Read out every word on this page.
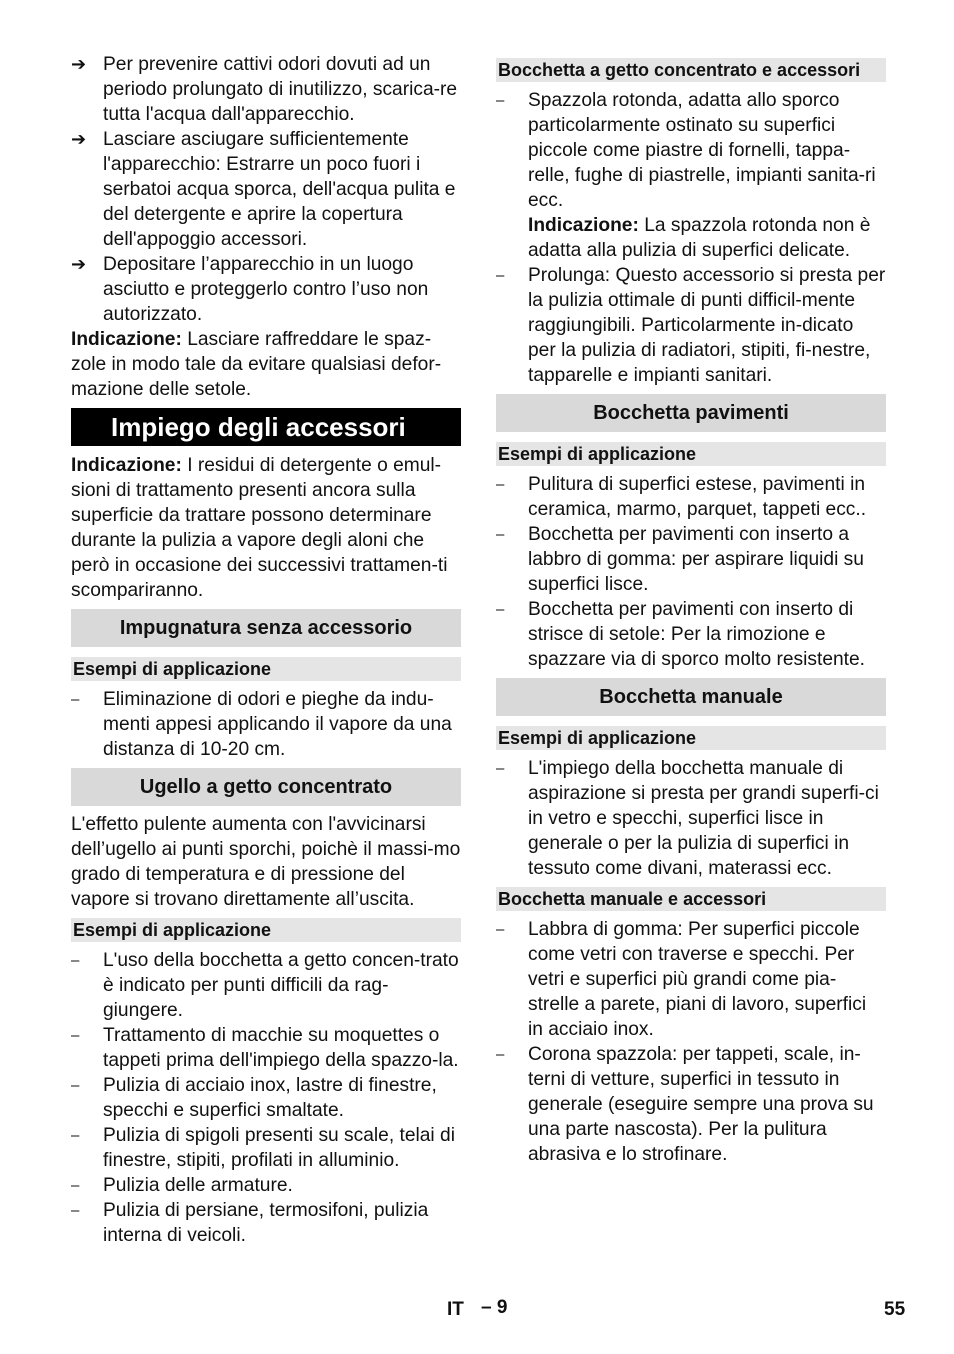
➔ Per prevenire cattivi odori dovuti ad un periodo prolungato di inutilizzo, scarica-re tutta l'acqua dall'apparecchio.
➔ Lasciare asciugare sufficientemente l'apparecchio: Estrarre un poco fuori i serbatoi acqua sporca, dell'acqua pulita e del detergente e aprire la copertura dell'appoggio accessori.
➔ Depositare l’apparecchio in un luogo asciutto e proteggerlo contro l’uso non autorizzato.

Indicazione: Lasciare raffreddare le spaz-zole in modo tale da evitare qualsiasi defor-mazione delle setole.

Impiego degli accessori

Indicazione: I residui di detergente o emul-sioni di trattamento presenti ancora sulla superficie da trattare possono determinare durante la pulizia a vapore degli aloni che però in occasione dei successivi trattamen-ti scompariranno.

Impugnatura senza accessorio
Esempi di applicazione
– Eliminazione di odori e pieghe da indu-menti appesi applicando il vapore da una distanza di 10-20 cm.
Ugello a getto concentrato

L'effetto pulente aumenta con l'avvicinarsi dell’ugello ai punti sporchi, poichè il massi-mo grado di temperatura e di pressione del vapore si trovano direttamente all’uscita.

Esempi di applicazione
– L'uso della bocchetta a getto concen-trato è indicato per punti difficili da rag-giungere.
– Trattamento di macchie su moquettes o tappeti prima dell'impiego della spazzo-la.
– Pulizia di acciaio inox, lastre di finestre, specchi e superfici smaltate.
– Pulizia di spigoli presenti su scale, telai di finestre, stipiti, profilati in alluminio.
– Pulizia delle armature.
– Pulizia di persiane, termosifoni, pulizia interna di veicoli.
Bocchetta a getto concentrato e accessori
– Spazzola rotonda, adatta allo sporco particolarmente ostinato su superfici piccole come piastre di fornelli, tappa-relle, fughe di piastrelle, impianti sanita-ri ecc.
Indicazione: La spazzola rotonda non è adatta alla pulizia di superfici delicate.
– Prolunga: Questo accessorio si presta per la pulizia ottimale di punti difficil-mente raggiungibili. Particolarmente in-dicato per la pulizia di radiatori, stipiti, fi-nestre, tapparelle e impianti sanitari.
Bocchetta pavimenti
Esempi di applicazione
– Pulitura di superfici estese, pavimenti in ceramica, marmo, parquet, tappeti ecc..
– Bocchetta per pavimenti con inserto a labbro di gomma: per aspirare liquidi su superfici lisce.
– Bocchetta per pavimenti con inserto di strisce di setole: Per la rimozione e spazzare via di sporco molto resistente.
Bocchetta manuale
Esempi di applicazione
– L'impiego della bocchetta manuale di aspirazione si presta per grandi superfi-ci in vetro e specchi, superfici lisce in generale o per la pulizia di superfici in tessuto come divani, materassi ecc.
Bocchetta manuale e accessori
– Labbra di gomma: Per superfici piccole come vetri con traverse e specchi. Per vetri e superfici più grandi come pia-strelle a parete, piani di lavoro, superfici in acciaio inox.
– Corona spazzola: per tappeti, scale, in-terni di vetture, superfici in tessuto in generale (eseguire sempre una prova su una parte nascosta). Per la pulitura abrasiva e lo strofinare.
IT – 9	55
